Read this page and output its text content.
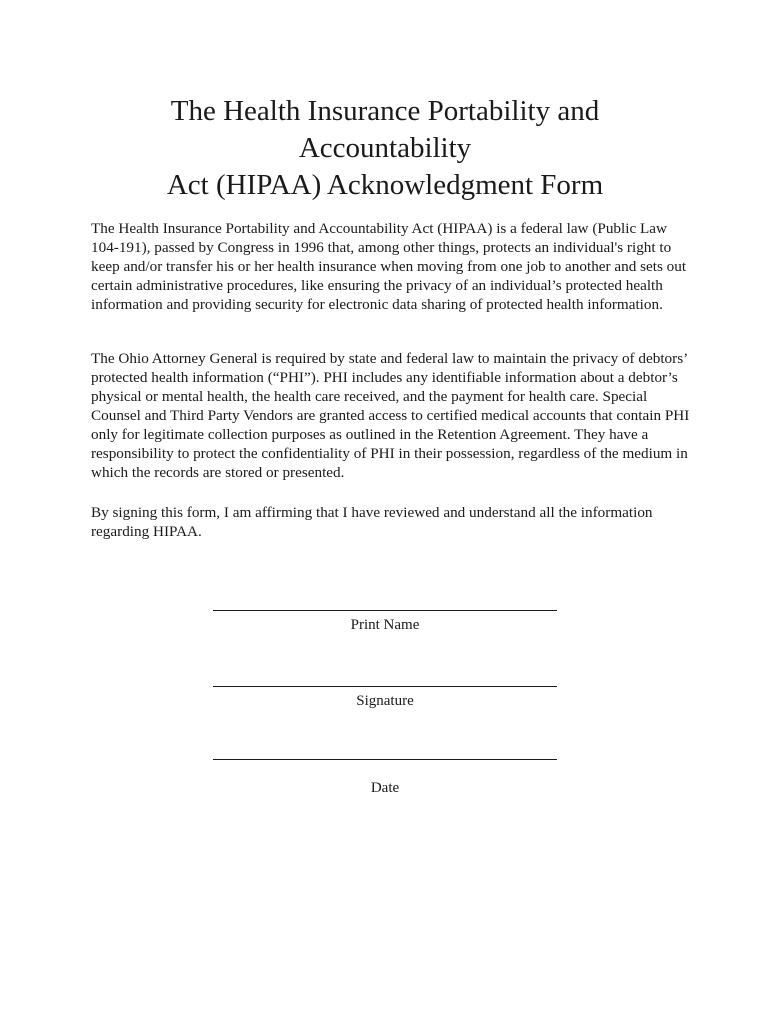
The Health Insurance Portability and
Accountability
Act (HIPAA) Acknowledgment Form

The Health Insurance Portability and Accountability Act (HIPAA) is a federal law (Public Law 104-191), passed by Congress in 1996 that, among other things, protects an individual's right to keep and/or transfer his or her health insurance when moving from one job to another and sets out certain administrative procedures, like ensuring the privacy of an individual’s protected health information and providing security for electronic data sharing of protected health information.

The Ohio Attorney General is required by state and federal law to maintain the privacy of debtors’ protected health information (“PHI”). PHI includes any identifiable information about a debtor’s physical or mental health, the health care received, and the payment for health care. Special Counsel and Third Party Vendors are granted access to certified medical accounts that contain PHI only for legitimate collection purposes as outlined in the Retention Agreement. They have a responsibility to protect the confidentiality of PHI in their possession, regardless of the medium in which the records are stored or presented.

By signing this form, I am affirming that I have reviewed and understand all the information regarding HIPAA.

Print Name
Signature
Date
